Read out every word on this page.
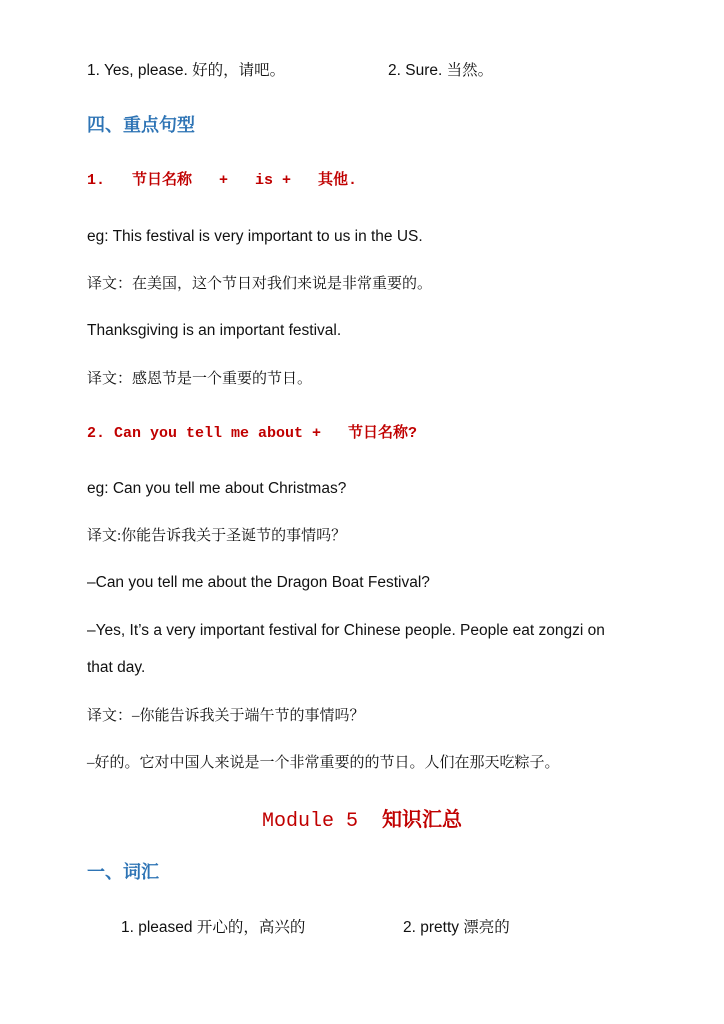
1. Yes, please. 好的，请吧。	2. Sure. 当然。
四、重点句型
1.   节日名称   +   is +   其他.
eg: This festival is very important to us in the US.
译文：在美国，这个节日对我们来说是非常重要的。
Thanksgiving is an important festival.
译文：感恩节是一个重要的节日。
2. Can you tell me about +   节日名称?
eg: Can you tell me about Christmas?
译文:你能告诉我关于圣诞节的事情吗？
–Can you tell me about the Dragon Boat Festival?
–Yes, It’s a very important festival for Chinese people. People eat zongzi on
that day.
译文：–你能告诉我关于端午节的事情吗？
–好的。它对中国人来说是一个非常重要的的节日。人们在那天吃粽子。
Module 5  知识汇总
一、词汇
1. pleased 开心的，高兴的	2. pretty 漂亮的
